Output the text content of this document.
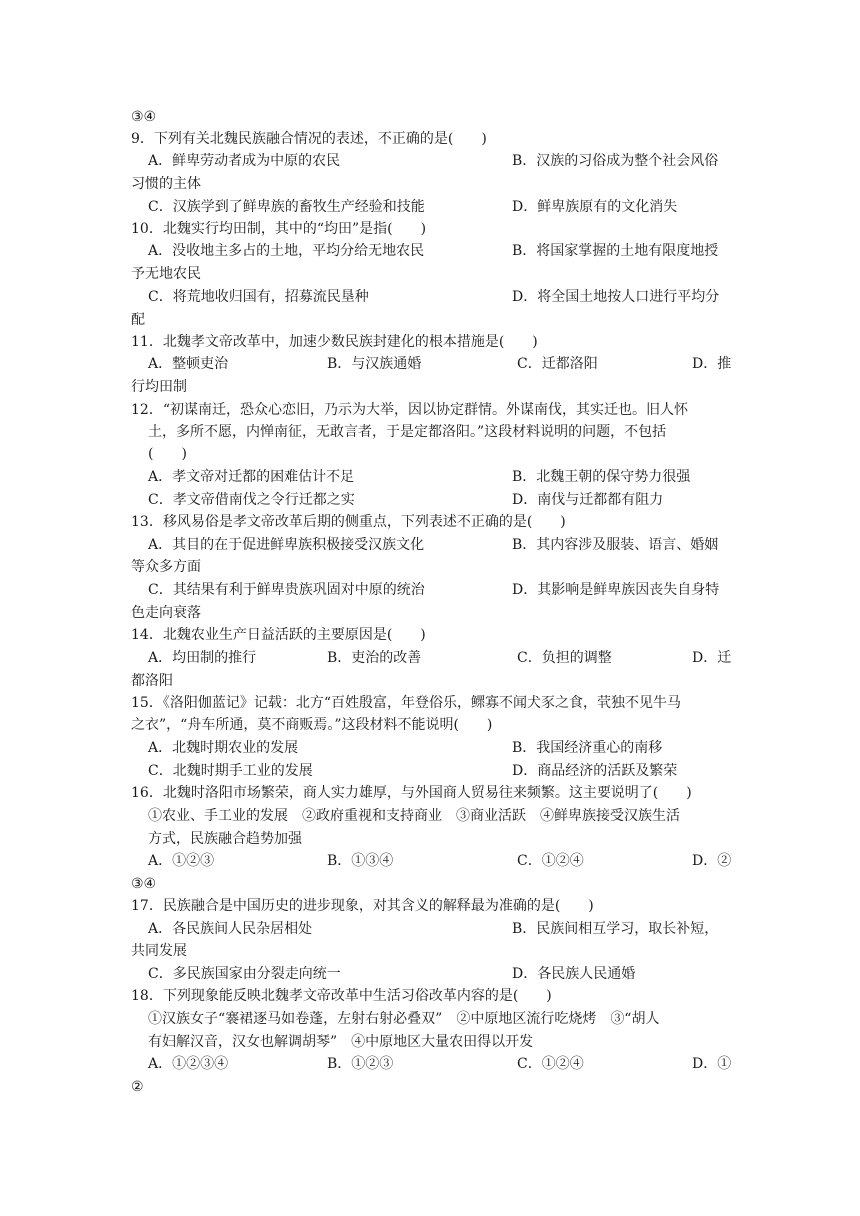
③④
9．下列有关北魏民族融合情况的表述，不正确的是(　　)
A．鲜卑劳动者成为中原的农民	B．汉族的习俗成为整个社会风俗
习惯的主体
C．汉族学到了鲜卑族的畜牧生产经验和技能	D．鲜卑族原有的文化消失
10．北魏实行均田制，其中的“均田”是指(　　)
A．没收地主多占的土地，平均分给无地农民	B．将国家掌握的土地有限度地授
予无地农民
C．将荒地收归国有，招募流民垦种	D．将全国土地按人口进行平均分
配
11．北魏孝文帝改革中，加速少数民族封建化的根本措施是(　　)
A．整顿吏治	B．与汉族通婚	C．迁都洛阳	D．推
行均田制
12．“初谋南迁，恐众心恋旧，乃示为大举，因以协定群情。外谋南伐，其实迁也。旧人怀
土，多所不愿，内惮南征，无敢言者，于是定都洛阳。”这段材料说明的问题，不包括
(　　)
A．孝文帝对迁都的困难估计不足	B．北魏王朝的保守势力很强
C．孝文帝借南伐之令行迁都之实	D．南伐与迁都都有阻力
13．移风易俗是孝文帝改革后期的侧重点，下列表述不正确的是(　　)
A．其目的在于促进鲜卑族积极接受汉族文化	B．其内容涉及服装、语言、婚姻
等众多方面
C．其结果有利于鲜卑贵族巩固对中原的统治	D．其影响是鲜卑族因丧失自身特
色走向衰落
14．北魏农业生产日益活跃的主要原因是(　　)
A．均田制的推行	B．吏治的改善	C．负担的调整	D．迁
都洛阳
15．《洛阳伽蓝记》记载：北方“百姓殷富，年登俗乐，鳏寡不闻犬豕之食，茕独不见牛马
之衣”，“舟车所通，莫不商贩焉。”这段材料不能说明(　　)
A．北魏时期农业的发展	B．我国经济重心的南移
C．北魏时期手工业的发展	D．商品经济的活跃及繁荣
16．北魏时洛阳市场繁荣，商人实力雄厚，与外国商人贸易往来频繁。这主要说明了(　　)
①农业、手工业的发展　②政府重视和支持商业　③商业活跃　④鲜卑族接受汉族生活
方式，民族融合趋势加强
A．①②③	B．①③④	C．①②④	D．②
③④
17．民族融合是中国历史的进步现象，对其含义的解释最为准确的是(　　)
A．各民族间人民杂居相处	B．民族间相互学习，取长补短，
共同发展
C．多民族国家由分裂走向统一	D．各民族人民通婚
18．下列现象能反映北魏孝文帝改革中生活习俗改革内容的是(　　)
①汉族女子“褰裙逐马如卷蓬，左射右射必叠双”　②中原地区流行吃烧烤　③“胡人
有妇解汉音，汉女也解调胡琴”　④中原地区大量农田得以开发
A．①②③④	B．①②③	C．①②④	D．①
②
